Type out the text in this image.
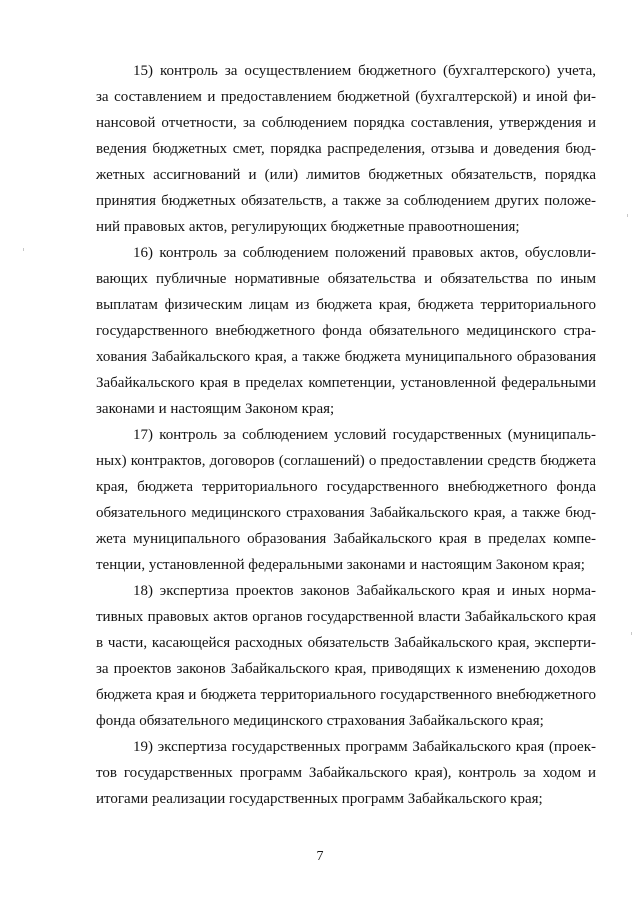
15) контроль за осуществлением бюджетного (бухгалтерского) учета,

за составлением и предоставлением бюджетной (бухгалтерской) и иной фи-

нансовой отчетности, за соблюдением порядка составления, утверждения и

ведения бюджетных смет, порядка распределения, отзыва и доведения бюд-

жетных ассигнований и (или) лимитов бюджетных обязательств, порядка

принятия бюджетных обязательств, а также за соблюдением других положе-

ний правовых актов, регулирующих бюджетные правоотношения;

16) контроль за соблюдением положений правовых актов, обусловли-

вающих публичные нормативные обязательства и обязательства по иным

выплатам физическим лицам из бюджета края, бюджета территориального

государственного внебюджетного фонда обязательного медицинского стра-

хования Забайкальского края, а также бюджета муниципального образования

Забайкальского края в пределах компетенции, установленной федеральными

законами и настоящим Законом края;

17) контроль за соблюдением условий государственных (муниципаль-

ных) контрактов, договоров (соглашений) о предоставлении средств бюджета

края, бюджета территориального государственного внебюджетного фонда

обязательного медицинского страхования Забайкальского края, а также бюд-

жета муниципального образования Забайкальского края в пределах компе-

тенции, установленной федеральными законами и настоящим Законом края;

18) экспертиза проектов законов Забайкальского края и иных норма-

тивных правовых актов органов государственной власти Забайкальского края

в части, касающейся расходных обязательств Забайкальского края, эксперти-

за проектов законов Забайкальского края, приводящих к изменению доходов

бюджета края и бюджета территориального государственного внебюджетного

фонда обязательного медицинского страхования Забайкальского края;

19) экспертиза государственных программ Забайкальского края (проек-

тов государственных программ Забайкальского края), контроль за ходом и

итогами реализации государственных программ Забайкальского края;

7
